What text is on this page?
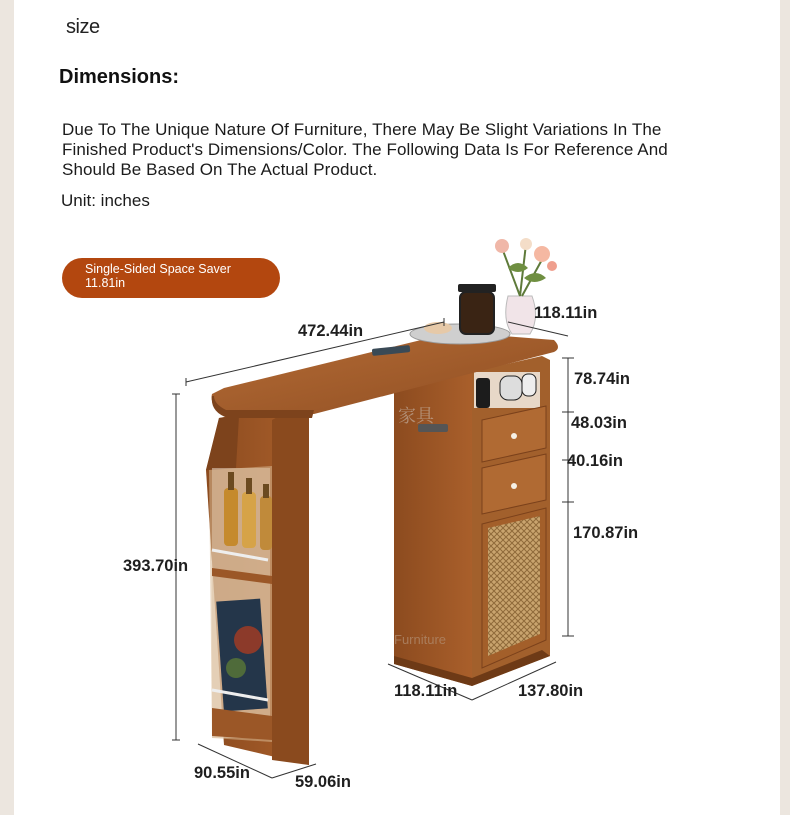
size
Dimensions:
Due To The Unique Nature Of Furniture, There May Be Slight Variations In The Finished Product's Dimensions/Color. The Following Data Is For Reference And Should Be Based On The Actual Product.
Unit: inches
Single-Sided Space Saver
11.81in
472.44in
118.11in
78.74in
48.03in
40.16in
170.87in
393.70in
118.11in	137.80in
90.55in	59.06in
Furniture
家具
